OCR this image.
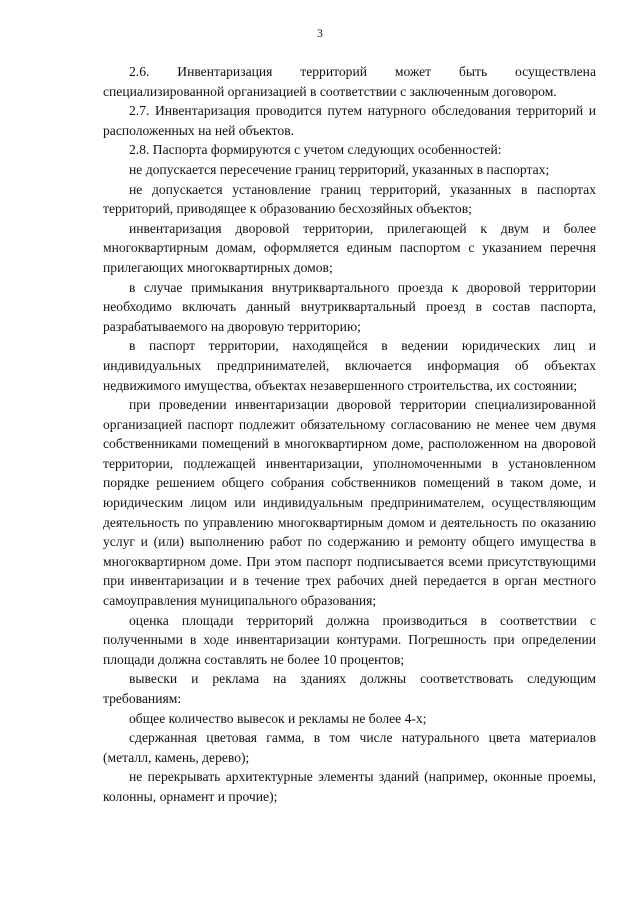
3

2.6. Инвентаризация территорий может быть осуществлена специализированной организацией в соответствии с заключенным договором.

2.7. Инвентаризация проводится путем натурного обследования территорий и расположенных на ней объектов.

2.8. Паспорта формируются с учетом следующих особенностей:

не допускается пересечение границ территорий, указанных в паспортах;

не допускается установление границ территорий, указанных в паспортах территорий, приводящее к образованию бесхозяйных объектов;

инвентаризация дворовой территории, прилегающей к двум и более многоквартирным домам, оформляется единым паспортом с указанием перечня прилегающих многоквартирных домов;

в случае примыкания внутриквартального проезда к дворовой территории необходимо включать данный внутриквартальный проезд в состав паспорта, разрабатываемого на дворовую территорию;

в паспорт территории, находящейся в ведении юридических лиц и индивидуальных предпринимателей, включается информация об объектах недвижимого имущества, объектах незавершенного строительства, их состоянии;

при проведении инвентаризации дворовой территории специализированной организацией паспорт подлежит обязательному согласованию не менее чем двумя собственниками помещений в многоквартирном доме, расположенном на дворовой территории, подлежащей инвентаризации, уполномоченными в установленном порядке решением общего собрания собственников помещений в таком доме, и юридическим лицом или индивидуальным предпринимателем, осуществляющим деятельность по управлению многоквартирным домом и деятельность по оказанию услуг и (или) выполнению работ по содержанию и ремонту общего имущества в многоквартирном доме. При этом паспорт подписывается всеми присутствующими при инвентаризации и в течение трех рабочих дней передается в орган местного самоуправления муниципального образования;

оценка площади территорий должна производиться в соответствии с полученными в ходе инвентаризации контурами. Погрешность при определении площади должна составлять не более 10 процентов;

вывески и реклама на зданиях должны соответствовать следующим требованиям:

общее количество вывесок и рекламы не более 4-х;

сдержанная цветовая гамма, в том числе натурального цвета материалов (металл, камень, дерево);

не перекрывать архитектурные элементы зданий (например, оконные проемы, колонны, орнамент и прочие);
